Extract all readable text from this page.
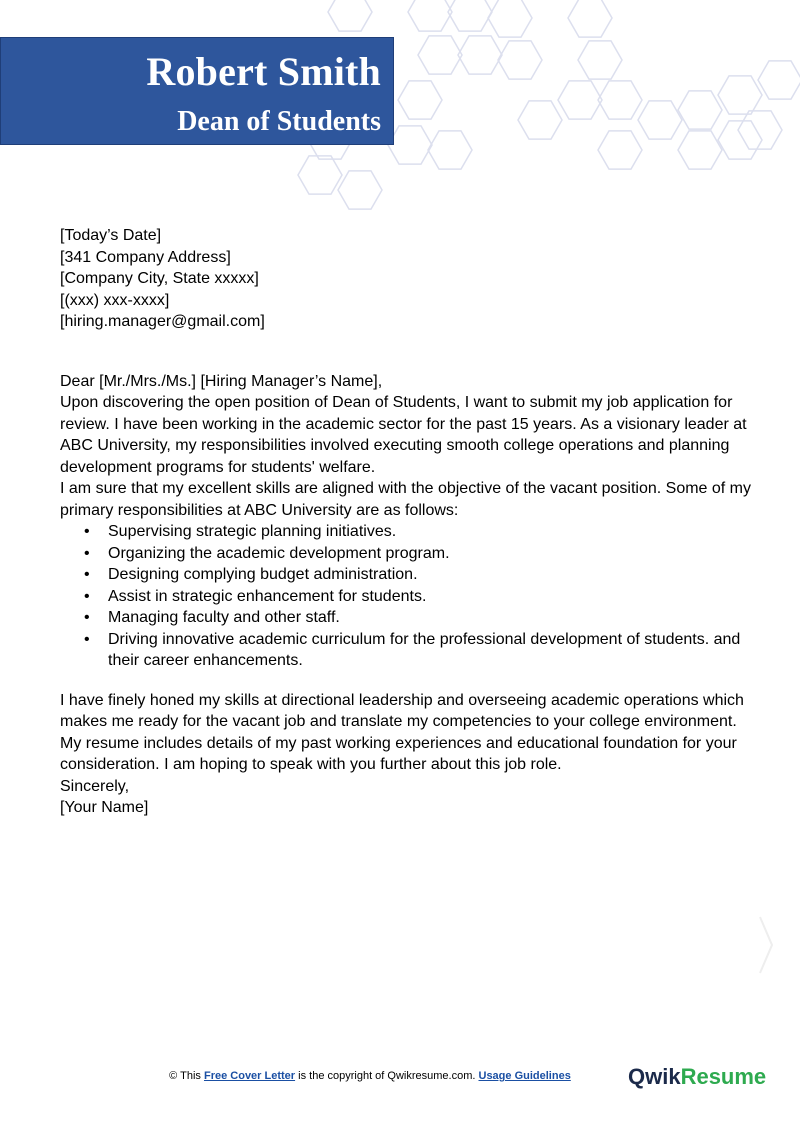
Robert Smith
Dean of Students

[Today’s Date]

[341 Company Address]

[Company City, State xxxxx]

[(xxx) xxx-xxxx]

[hiring.manager@gmail.com]

Dear [Mr./Mrs./Ms.] [Hiring Manager’s Name],

Upon discovering the open position of Dean of Students, I want to submit my job application for review. I have been working in the academic sector for the past 15 years. As a visionary leader at ABC University, my responsibilities involved executing smooth college operations and planning development programs for students' welfare.

I am sure that my excellent skills are aligned with the objective of the vacant position. Some of my primary responsibilities at ABC University are as follows:

• Supervising strategic planning initiatives.
• Organizing the academic development program.
• Designing complying budget administration.
• Assist in strategic enhancement for students.
• Managing faculty and other staff.
• Driving innovative academic curriculum for the professional development of students. and their career enhancements.

I have finely honed my skills at directional leadership and overseeing academic operations which makes me ready for the vacant job and translate my competencies to your college environment. My resume includes details of my past working experiences and educational foundation for your consideration. I am hoping to speak with you further about this job role.

Sincerely,

[Your Name]

© This Free Cover Letter is the copyright of Qwikresume.com. Usage Guidelines	QwikResume
